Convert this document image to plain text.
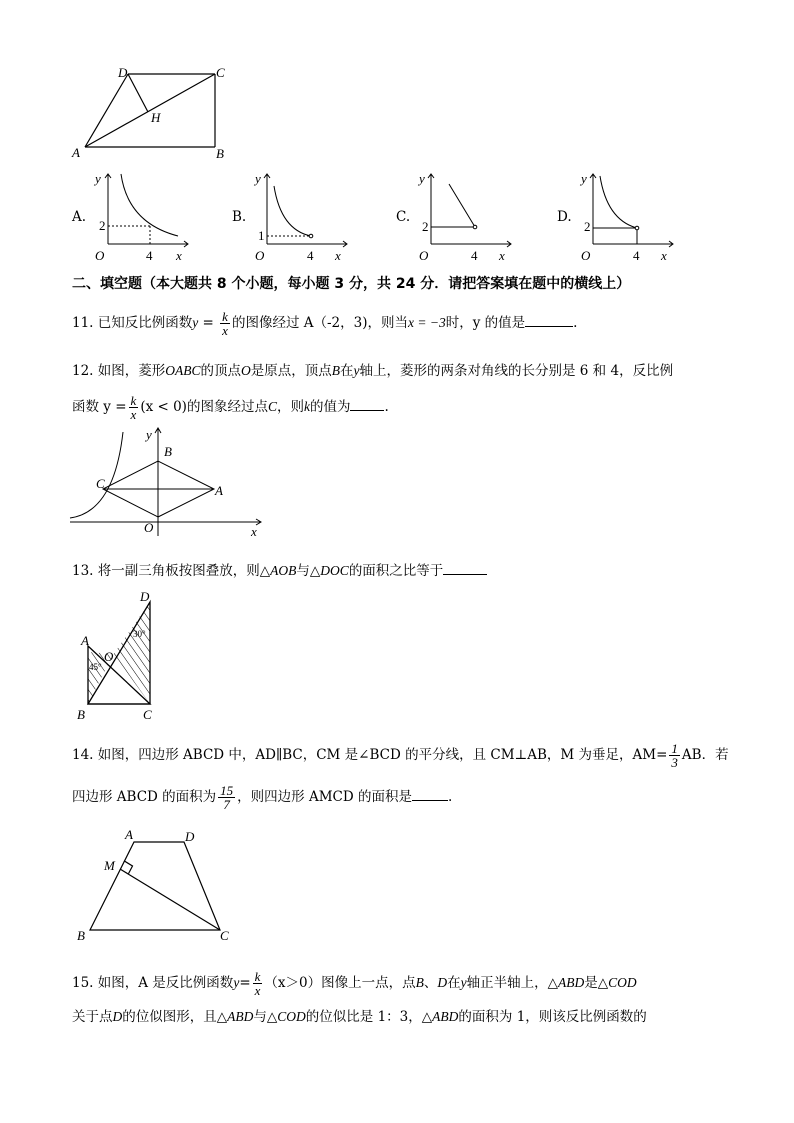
D	C
H
A	B
A.
y
2
O	4 x
B.
y
1
O	4 x
C.
y
2
O	4 x
D.
y
2
O	4 x
二、填空题（本大题共 8 个小题，每小题 3 分，共 24 分．请把答案填在题中的横线上）
11. 已知反比例函数$y = \frac{k}{x}$ 的图像经过 A（-2，3)，则当x = −3时，y 的值是	.
12. 如图，菱形OABC的顶点O是原点，顶点B在y轴上，菱形的两条对角线的长分别是 6 和 4，反比例
函数 $y = \frac{k}{x} (x < 0)$的图象经过点C，则k的值为	.
y
B
C	A
O	x
13. 将一副三角板按图叠放，则△AOB与△DOC的面积之比等于
D
30°
A
O
45°
B	C
14. 如图，四边形 ABCD 中，AD∥BC，CM 是∠BCD 的平分线，且 CM⊥AB，M 为垂足，$AM= \frac{1}{3}$ AB．若
四边形 ABCD 的面积为 $\frac{15}{7}$ ，则四边形 AMCD 的面积是	.
A	D
M
B	C
15. 如图，A 是反比例函数$y= \frac{k}{x} (x>0)$图像上一点，点B、D在y轴正半轴上，△ABD是△COD
关于点D的位似图形，且△ABD与△COD的位似比是 1：3，△ABD的面积为 1，则该反比例函数的
